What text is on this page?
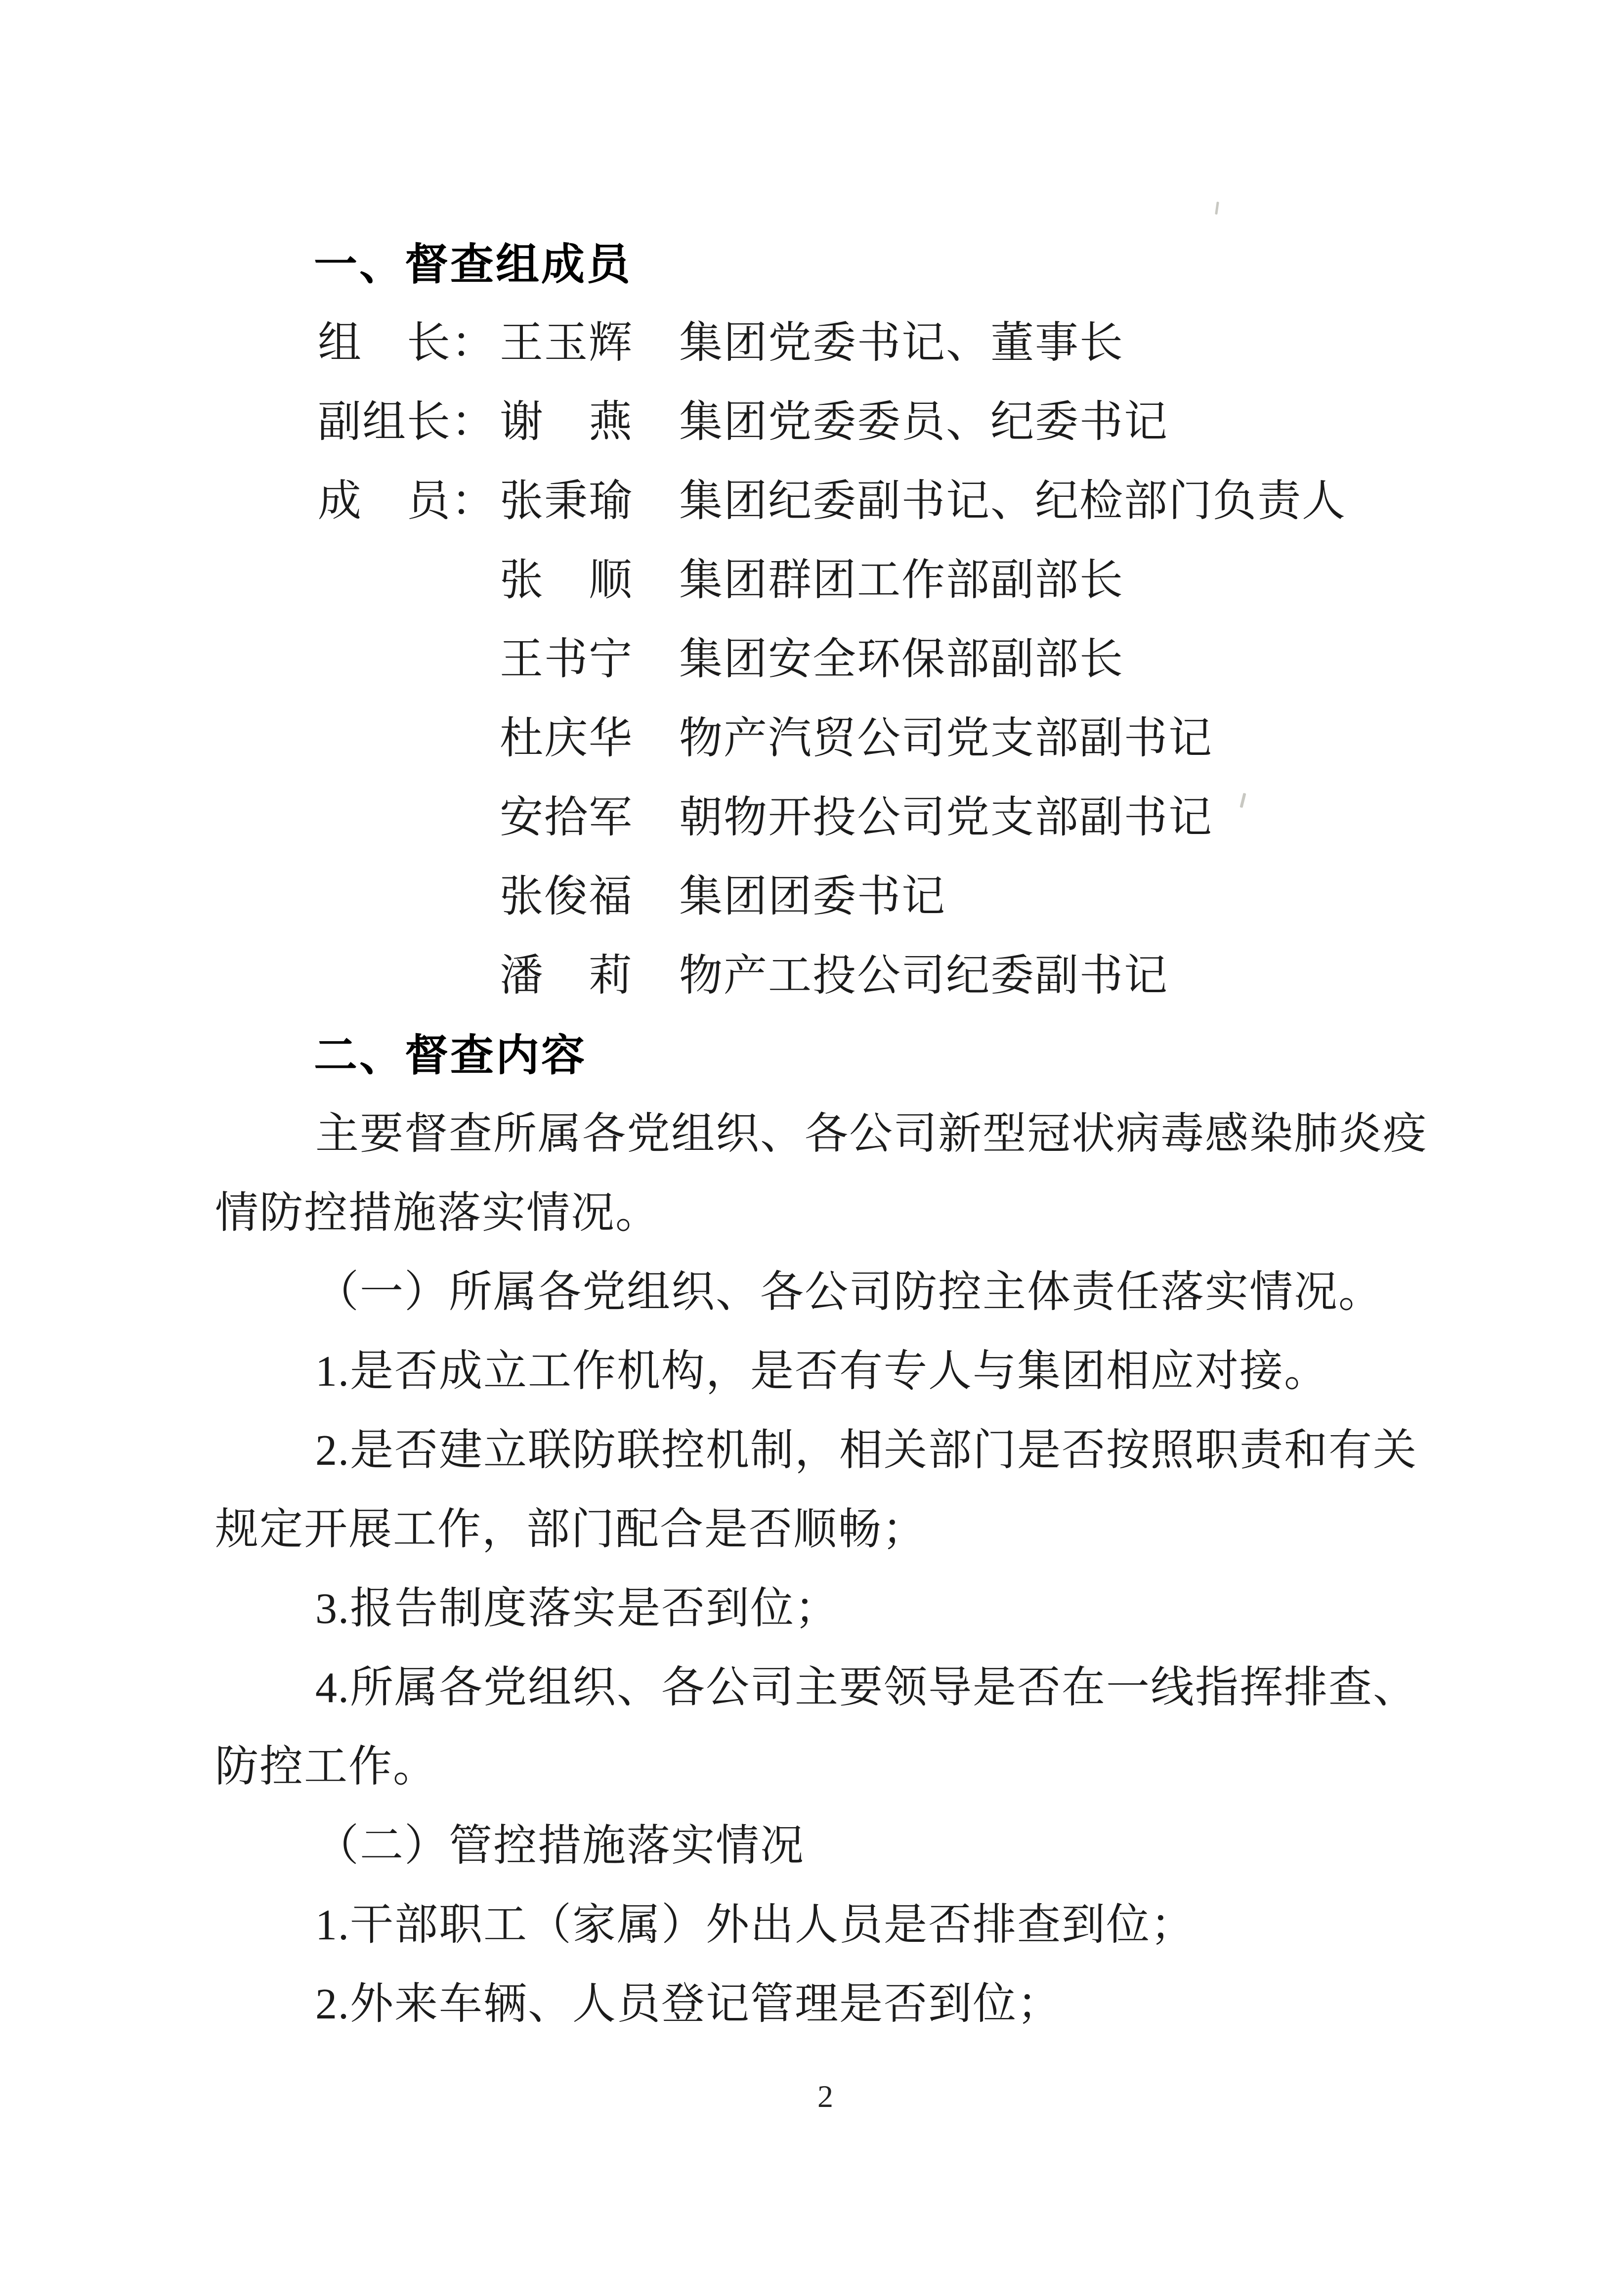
一、督查组成员
组　长：王玉辉 集团党委书记、董事长
副组长：谢　燕 集团党委委员、纪委书记
成　员：张秉瑜 集团纪委副书记、纪检部门负责人
张　顺 集团群团工作部副部长
王书宁 集团安全环保部副部长
杜庆华 物产汽贸公司党支部副书记
安拾军 朝物开投公司党支部副书记
张俊福 集团团委书记
潘　莉 物产工投公司纪委副书记
二、督查内容
主要督查所属各党组织、各公司新型冠状病毒感染肺炎疫
情防控措施落实情况。
（一）所属各党组织、各公司防控主体责任落实情况。
1.是否成立工作机构，是否有专人与集团相应对接。
2.是否建立联防联控机制，相关部门是否按照职责和有关
规定开展工作，部门配合是否顺畅；
3.报告制度落实是否到位；
4.所属各党组织、各公司主要领导是否在一线指挥排查、
防控工作。
（二）管控措施落实情况
1.干部职工（家属）外出人员是否排查到位；
2.外来车辆、人员登记管理是否到位；
2
